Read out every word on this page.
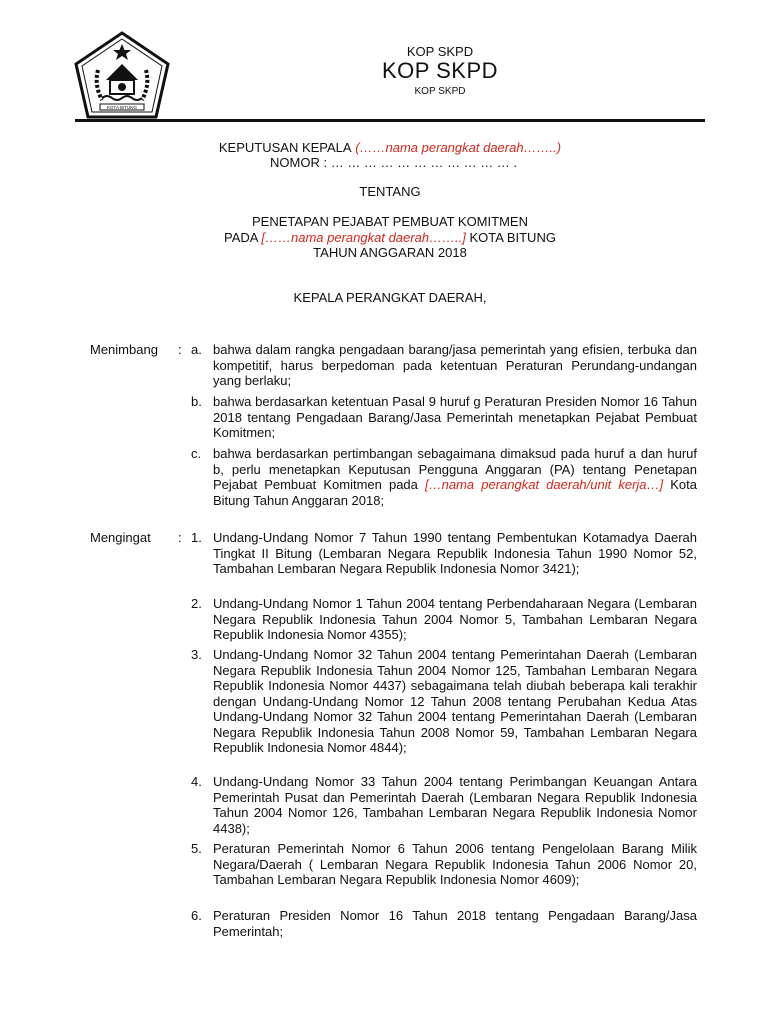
KOTA BITUNG
KOP SKPD
KOP SKPD
KOP SKPD
KEPUTUSAN KEPALA (……nama perangkat daerah……..)
NOMOR : … … … … … … … … … … … .
TENTANG
PENETAPAN PEJABAT PEMBUAT KOMITMEN
PADA [……nama perangkat daerah……..] KOTA BITUNG
TAHUN ANGGARAN 2018
KEPALA PERANGKAT DAERAH,
Menimbang : a. bahwa dalam rangka pengadaan barang/jasa pemerintah yang efisien, terbuka dan kompetitif, harus berpedoman pada ketentuan Peraturan Perundang-undangan yang berlaku;
b. bahwa berdasarkan ketentuan Pasal 9 huruf g Peraturan Presiden Nomor 16 Tahun 2018 tentang Pengadaan Barang/Jasa Pemerintah menetapkan Pejabat Pembuat Komitmen;
c. bahwa berdasarkan pertimbangan sebagaimana dimaksud pada huruf a dan huruf b, perlu menetapkan Keputusan Pengguna Anggaran (PA) tentang Penetapan Pejabat Pembuat Komitmen pada […nama perangkat daerah/unit kerja…] Kota Bitung Tahun Anggaran 2018;
Mengingat : 1. Undang-Undang Nomor 7 Tahun 1990 tentang Pembentukan Kotamadya Daerah Tingkat II Bitung (Lembaran Negara Republik Indonesia Tahun 1990 Nomor 52, Tambahan Lembaran Negara Republik Indonesia Nomor 3421);
2. Undang-Undang Nomor 1 Tahun 2004 tentang Perbendaharaan Negara (Lembaran Negara Republik Indonesia Tahun 2004 Nomor 5, Tambahan Lembaran Negara Republik Indonesia Nomor 4355);
3. Undang-Undang Nomor 32 Tahun 2004 tentang Pemerintahan Daerah (Lembaran Negara Republik Indonesia Tahun 2004 Nomor 125, Tambahan Lembaran Negara Republik Indonesia Nomor 4437) sebagaimana telah diubah beberapa kali terakhir dengan Undang-Undang Nomor 12 Tahun 2008 tentang Perubahan Kedua Atas Undang-Undang Nomor 32 Tahun 2004 tentang Pemerintahan Daerah (Lembaran Negara Republik Indonesia Tahun 2008 Nomor 59, Tambahan Lembaran Negara Republik Indonesia Nomor 4844);
4. Undang-Undang Nomor 33 Tahun 2004 tentang Perimbangan Keuangan Antara Pemerintah Pusat dan Pemerintah Daerah (Lembaran Negara Republik Indonesia Tahun 2004 Nomor 126, Tambahan Lembaran Negara Republik Indonesia Nomor 4438);
5. Peraturan Pemerintah Nomor 6 Tahun 2006 tentang Pengelolaan Barang Milik Negara/Daerah ( Lembaran Negara Republik Indonesia Tahun 2006 Nomor 20, Tambahan Lembaran Negara Republik Indonesia Nomor 4609);
6. Peraturan Presiden Nomor 16 Tahun 2018 tentang Pengadaan Barang/Jasa Pemerintah;
